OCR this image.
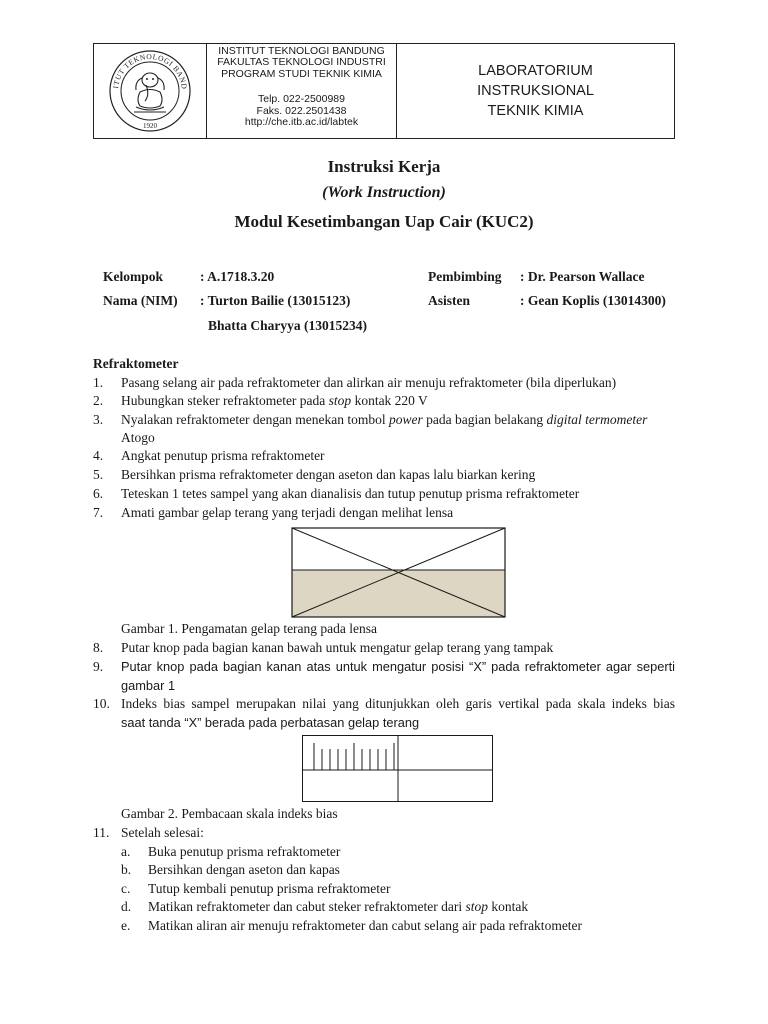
ITUT TEKNOLOGI BAND
1920
INSTITUT TEKNOLOGI BANDUNG
FAKULTAS TEKNOLOGI INDUSTRI
PROGRAM STUDI TEKNIK KIMIA
Telp. 022-2500989
Faks. 022.2501438
http://che.itb.ac.id/labtek
LABORATORIUM
INSTRUKSIONAL
TEKNIK KIMIA
Instruksi Kerja
(Work Instruction)
Modul Kesetimbangan Uap Cair (KUC2)
Kelompok	: A.1718.3.20	Pembimbing : Dr. Pearson Wallace
Nama (NIM) : Turton Bailie (13015123)	Asisten	: Gean Koplis (13014300)
Bhatta Charyya (13015234)
Refraktometer
1. Pasang selang air pada refraktometer dan alirkan air menuju refraktometer (bila diperlukan)
2. Hubungkan steker refraktometer pada stop kontak 220 V
3. Nyalakan refraktometer dengan menekan tombol power pada bagian belakang digital termometer
Atogo
4. Angkat penutup prisma refraktometer
5. Bersihkan prisma refraktometer dengan aseton dan kapas lalu biarkan kering
6. Teteskan 1 tetes sampel yang akan dianalisis dan tutup penutup prisma refraktometer
7. Amati gambar gelap terang yang terjadi dengan melihat lensa
Gambar 1. Pengamatan gelap terang pada lensa
8. Putar knop pada bagian kanan bawah untuk mengatur gelap terang yang tampak
9. Putar knop pada bagian kanan atas untuk mengatur posisi “X” pada refraktometer agar seperti
gambar 1
10. Indeks bias sampel merupakan nilai yang ditunjukkan oleh garis vertikal pada skala indeks bias
saat tanda “X” berada pada perbatasan gelap terang
Gambar 2. Pembacaan skala indeks bias
11. Setelah selesai:
a. Buka penutup prisma refraktometer
b. Bersihkan dengan aseton dan kapas
c. Tutup kembali penutup prisma refraktometer
d. Matikan refraktometer dan cabut steker refraktometer dari stop kontak
e. Matikan aliran air menuju refraktometer dan cabut selang air pada refraktometer
